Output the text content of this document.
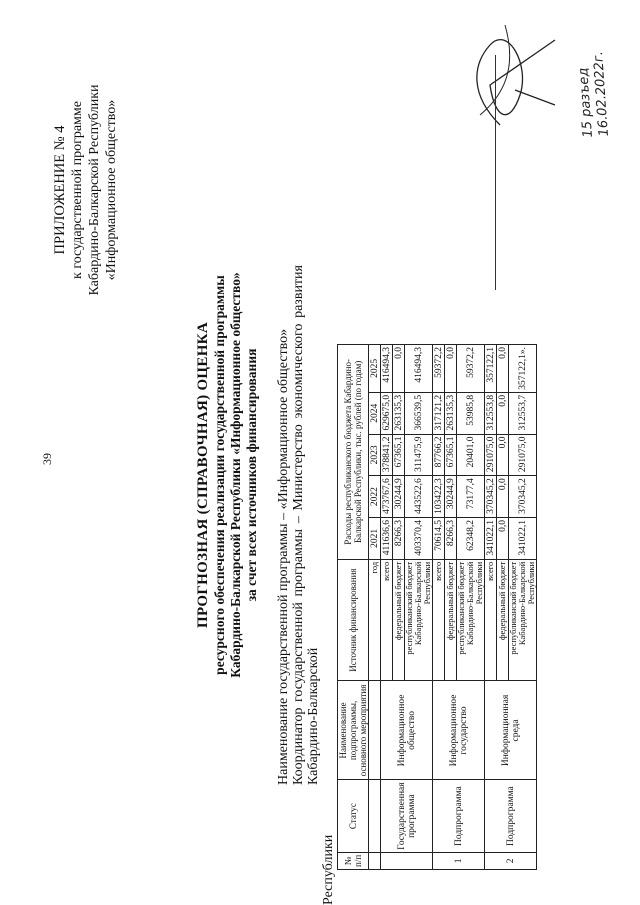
39
ПРИЛОЖЕНИЕ № 4 к государственной программе Кабардино-Балкарской Республики «Информационное общество»
ПРОГНОЗНАЯ (СПРАВОЧНАЯ) ОЦЕНКА ресурсного обеспечения реализации государственной программы Кабардино-Балкарской Республики «Информационное общество» за счет всех источников финансирования Наименование государственной программы – «Информационное общество» Координатор государственной программы – Министерство экономического развития Кабардино-Балкарской
Республики № п/п	Статус	Наименование подпрограммы, основного мероприятия	Источник финансирования	Расходы республиканского бюджета Кабардино-Балкарской Республики, тыс. рублей (по годам)				

			год	2021	2022	2023	2024	2025
	Государственная программа	Информационное общество	всего	411636,6	473767,6	378841,2	629675,0	416494,3
			федеральный бюджет	8266,3	30244,9	67365,1	263135,3	0,0
			республиканский бюджет Кабардино-Балкарской Республики	403370,4	443522,6	311475,9	366539,5	416494,3
1	Подпрограмма	Информационное государство	всего	70614,5	103422,3	87766,2	317121,2	59372,2
			федеральный бюджет	8266,3	30244,9	67365,1	263135,3	0,0
			республиканский бюджет Кабардино-Балкарской Республики	62348,2	73177,4	20401,0	53985,8	59372,2
2	Подпрограмма	Информационная среда	всего	341022,1	370345,2	291075,0	312553,8	357122,1
			федеральный бюджет	0,0	0,0	0,0	0,0	0,0
			республиканский бюджет Кабардино-Балкарской Республики	341022,1	370345,2	291075,0	312553,7	357122,1».
15 разъед
16.02.2022г.
